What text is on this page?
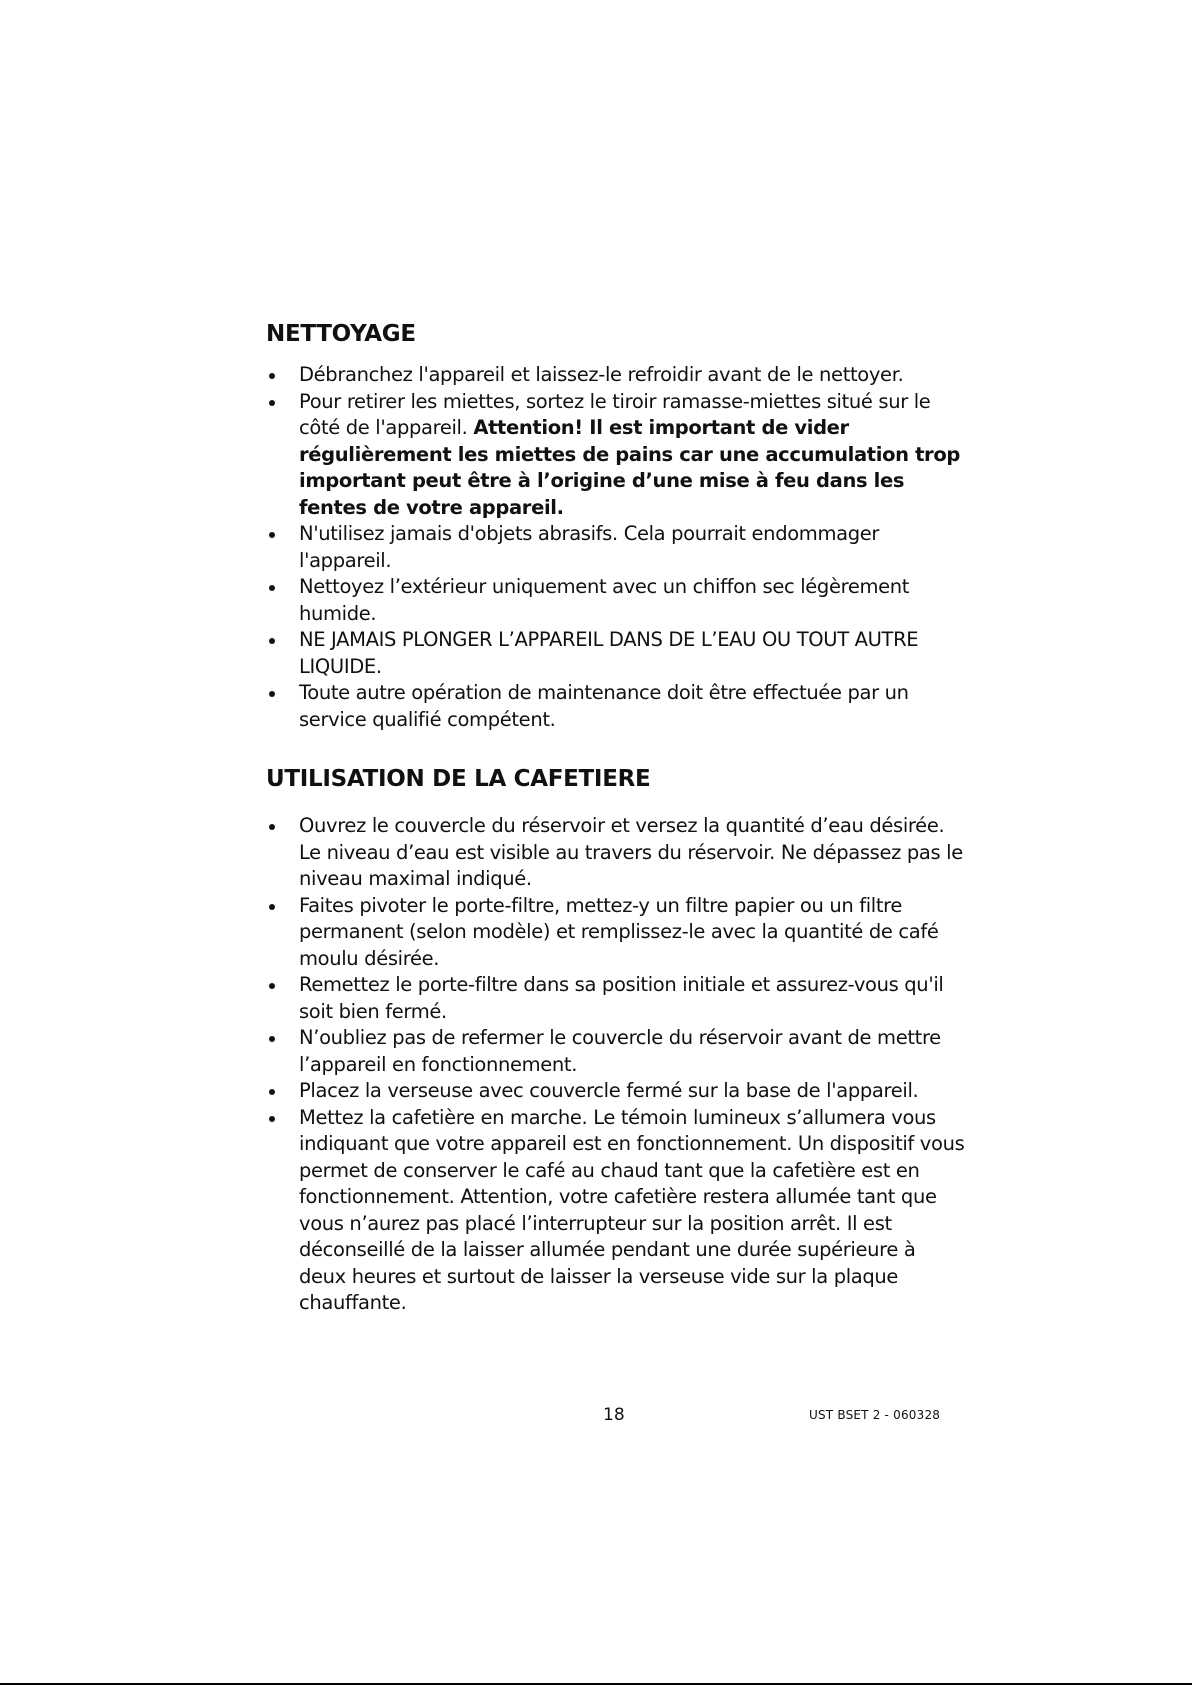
NETTOYAGE
Débranchez l'appareil et laissez-le refroidir avant de le nettoyer.
Pour retirer les miettes, sortez le tiroir ramasse-miettes situé sur le côté de l'appareil. Attention! Il est important de vider régulièrement les miettes de pains car une accumulation trop important peut être à l’origine d’une mise à feu dans les fentes de votre appareil.
N'utilisez jamais d'objets abrasifs. Cela pourrait endommager l'appareil.
Nettoyez l’extérieur uniquement avec un chiffon sec légèrement humide.
NE JAMAIS PLONGER L’APPAREIL DANS DE L’EAU OU TOUT AUTRE LIQUIDE.
Toute autre opération de maintenance doit être effectuée par un service qualifié compétent.
UTILISATION DE LA CAFETIERE
Ouvrez le couvercle du réservoir et versez la quantité d’eau désirée. Le niveau d’eau est visible au travers du réservoir. Ne dépassez pas le niveau maximal indiqué.
Faites pivoter le porte-filtre, mettez-y un filtre papier ou un filtre permanent (selon modèle) et remplissez-le avec la quantité de café moulu désirée.
Remettez le porte-filtre dans sa position initiale et assurez-vous qu'il soit bien fermé.
N’oubliez pas de refermer le couvercle du réservoir avant de mettre l’appareil en fonctionnement.
Placez la verseuse avec couvercle fermé sur la base de l'appareil.
Mettez la cafetière en marche. Le témoin lumineux s’allumera vous indiquant que votre appareil est en fonctionnement. Un dispositif vous permet de conserver le café au chaud tant que la cafetière est en fonctionnement. Attention, votre cafetière restera allumée tant que vous n’aurez pas placé l’interrupteur sur la position arrêt. Il est déconseillé de la laisser allumée pendant une durée supérieure à deux heures et surtout de laisser la verseuse vide sur la plaque chauffante.
18	UST BSET 2 - 060328
